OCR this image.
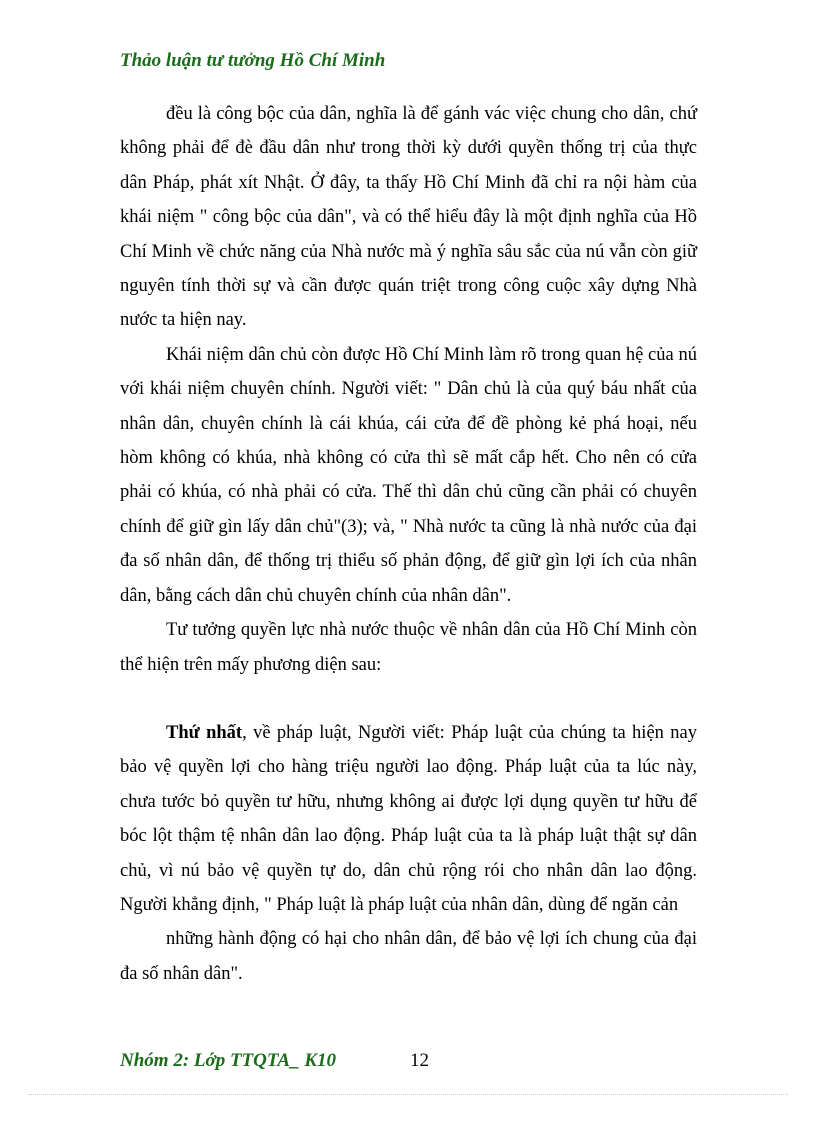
Thảo luận tư tưởng Hồ Chí Minh

đều là công bộc của dân, nghĩa là để gánh vác việc chung cho dân, chứ không phải để đè đầu dân như trong thời kỳ dưới quyền thống trị của thực dân Pháp, phát xít Nhật. Ở đây, ta thấy Hồ Chí Minh đã chỉ ra nội hàm của khái niệm " công bộc của dân", và có thể hiểu đây là một định nghĩa của Hồ Chí Minh về chức năng của Nhà nước mà ý nghĩa sâu sắc của nú vẫn còn giữ nguyên tính thời sự và cần được quán triệt trong công cuộc xây dựng Nhà nước ta hiện nay.

Khái niệm dân chủ còn được Hồ Chí Minh làm rõ trong quan hệ của nú với khái niệm chuyên chính. Người viết: " Dân chủ là của quý báu nhất của nhân dân, chuyên chính là cái khúa, cái cửa để đề phòng kẻ phá hoại, nếu hòm không có khúa, nhà không có cửa thì sẽ mất cắp hết. Cho nên có cửa phải có khúa, có nhà phải có cửa. Thế thì dân chủ cũng cần phải có chuyên chính để giữ gìn lấy dân chủ"(3); và, " Nhà nước ta cũng là nhà nước của đại đa số nhân dân, để thống trị thiểu số phản động, để giữ gìn lợi ích của nhân dân, bằng cách dân chủ chuyên chính của nhân dân".

Tư tưởng quyền lực nhà nước thuộc về nhân dân của Hồ Chí Minh còn thể hiện trên mấy phương diện sau:

Thứ nhất, về pháp luật, Người viết: Pháp luật của chúng ta hiện nay bảo vệ quyền lợi cho hàng triệu người lao động. Pháp luật của ta lúc này, chưa tước bỏ quyền tư hữu, nhưng không ai được lợi dụng quyền tư hữu để bóc lột thậm tệ nhân dân lao động. Pháp luật của ta là pháp luật thật sự dân chủ, vì nú bảo vệ quyền tự do, dân chủ rộng rói cho nhân dân lao động. Người khẳng định, " Pháp luật là pháp luật của nhân dân, dùng để ngăn cản

những hành động có hại cho nhân dân, để bảo vệ lợi ích chung của đại đa số nhân dân".

Nhóm 2: Lớp TTQTA_ K10	12
